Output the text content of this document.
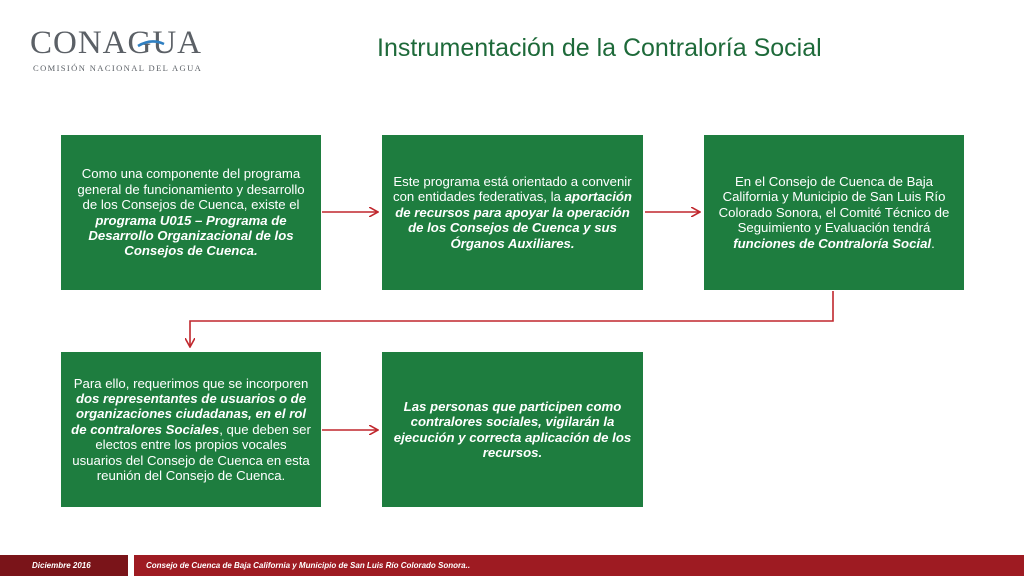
CONAGUA
COMISIÓN NACIONAL DEL AGUA
Instrumentación de la Contraloría Social

Como una componente del programa general de funcionamiento y desarrollo de los Consejos de Cuenca, existe el programa U015 – Programa de Desarrollo Organizacional de los Consejos de Cuenca.

Este programa está orientado a convenir con entidades federativas, la aportación de recursos para apoyar la operación de los Consejos de Cuenca y sus Órganos Auxiliares.

En el Consejo de Cuenca de Baja California y Municipio de San Luis Río Colorado Sonora, el Comité Técnico de Seguimiento y Evaluación tendrá funciones de Contraloría Social.

Para ello, requerimos que se incorporen dos representantes de usuarios o de organizaciones ciudadanas, en el rol de contralores Sociales, que deben ser electos entre los propios vocales usuarios del Consejo de Cuenca en esta reunión del Consejo de Cuenca.

Las personas que participen como contralores sociales, vigilarán la ejecución y correcta aplicación de los recursos.

Diciembre 2016	Consejo de Cuenca de Baja California y Municipio de San Luis Río Colorado Sonora..
